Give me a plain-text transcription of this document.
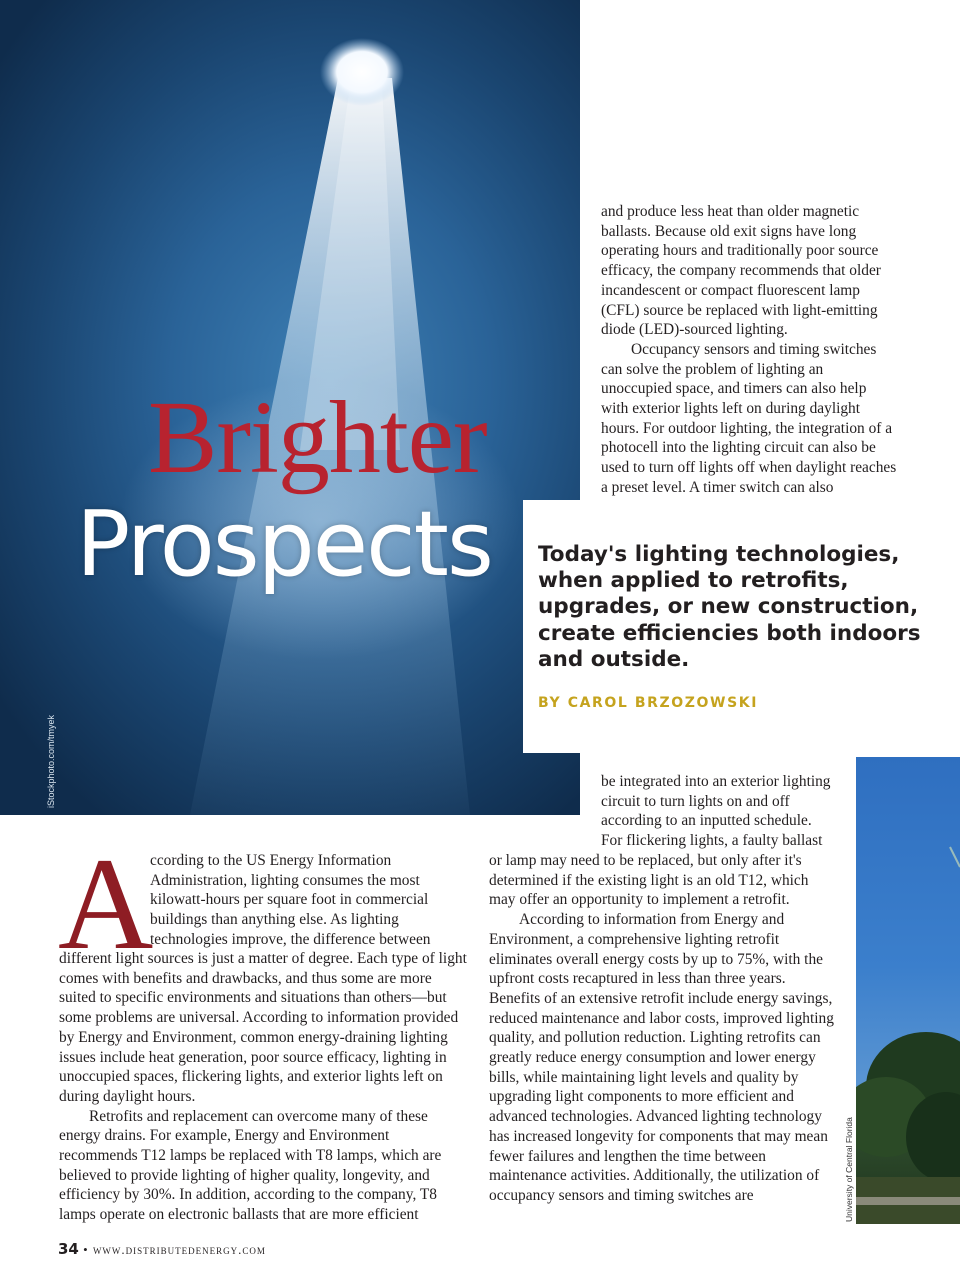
iStockphoto.com/tmyek
Brighter
Prospects Today's lighting technologies, when applied to retrofits, upgrades, or new construction, create efficiencies both indoors and outside.

BY CAROL BRZOZOWSKI

and produce less heat than older magnetic ballasts. Because old exit signs have long operating hours and traditionally poor source efficacy, the company recommends that older incandescent or compact fluorescent lamp (CFL) source be replaced with light-emitting diode (LED)-sourced lighting.

Occupancy sensors and timing switches can solve the problem of lighting an unoccupied space, and timers can also help with exterior lights left on during daylight hours. For outdoor lighting, the integration of a photocell into the lighting circuit can also be used to turn off lights off when daylight reaches a preset level. A timer switch can also

A

ccording to the US Energy Information Administration, lighting consumes the most kilowatt-hours per square foot in commercial buildings than anything else. As lighting technologies improve, the difference between

different light sources is just a matter of degree. Each type of light comes with benefits and drawbacks, and thus some are more suited to specific environments and situations than others—but some problems are universal. According to information provided by Energy and Environment, common energy-draining lighting issues include heat generation, poor source efficacy, lighting in unoccupied spaces, flickering lights, and exterior lights left on during daylight hours.

Retrofits and replacement can overcome many of these energy drains. For example, Energy and Environment recommends T12 lamps be replaced with T8 lamps, which are believed to provide lighting of higher quality, longevity, and efficiency by 30%. In addition, according to the company, T8 lamps operate on electronic ballasts that are more efficient

be integrated into an exterior lighting circuit to turn lights on and off according to an inputted schedule.

For flickering lights, a faulty ballast

or lamp may need to be replaced, but only after it's determined if the existing light is an old T12, which may offer an opportunity to implement a retrofit.

According to information from Energy and Environment, a comprehensive lighting retrofit eliminates overall energy costs by up to 75%, with the upfront costs recaptured in less than three years. Benefits of an extensive retrofit include energy savings, reduced maintenance and labor costs, improved lighting quality, and pollution reduction. Lighting retrofits can greatly reduce energy consumption and lower energy bills, while maintaining light levels and quality by upgrading light components to more efficient and advanced technologies. Advanced lighting technology has increased longevity for components that may mean fewer failures and lengthen the time between maintenance activities. Additionally, the utilization of occupancy sensors and timing switches are	University of Central Florida
34 • www.distributedenergy.com
